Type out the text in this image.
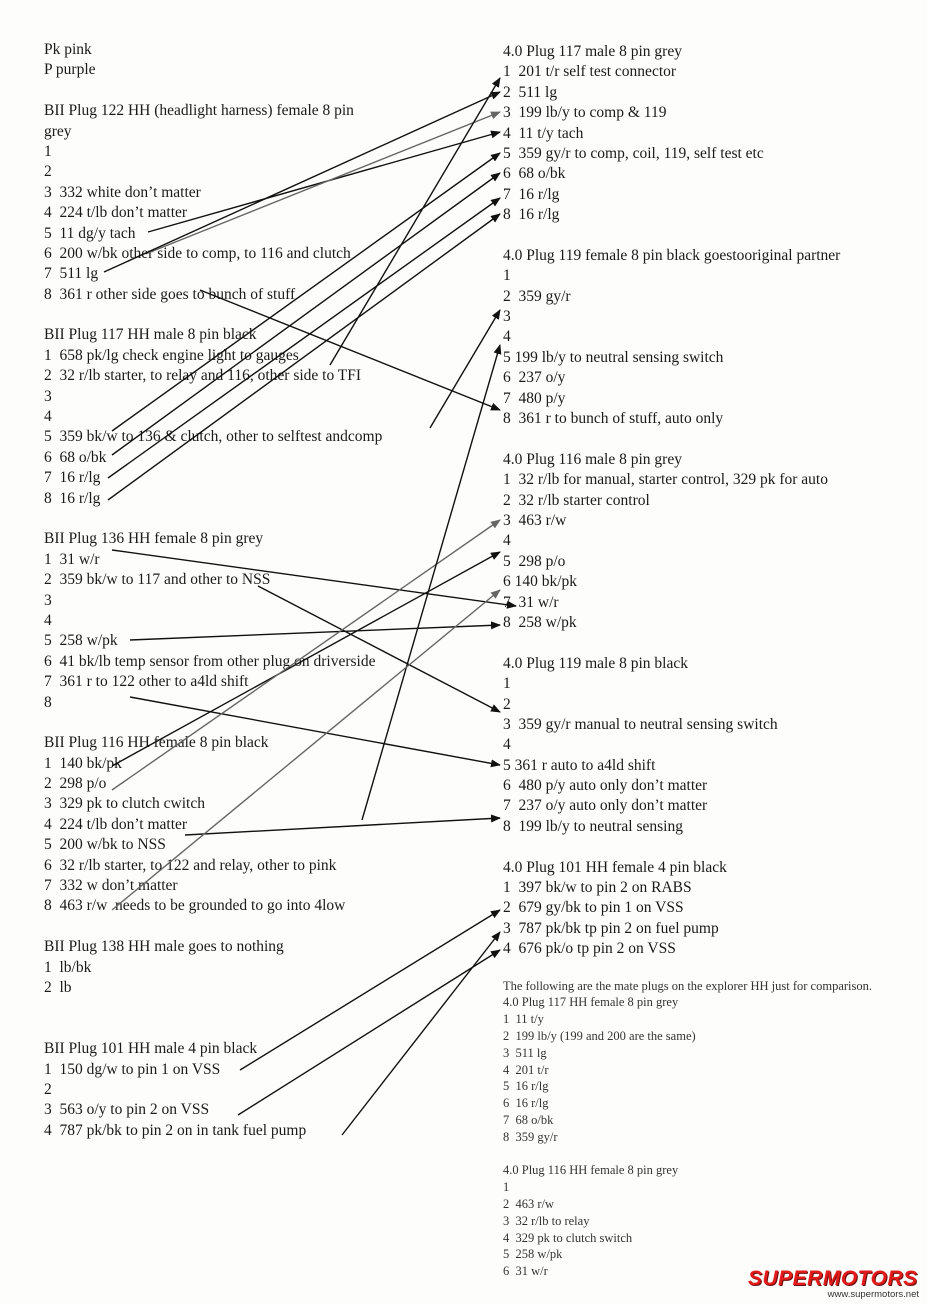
Pk pink
P purple
BII Plug 122 HH (headlight harness) female 8 pin
grey
1
2
3  332 white don’t matter
4  224 t/lb don’t matter
5  11 dg/y tach
6  200 w/bk other side to comp, to 116 and clutch
7  511 lg
8  361 r other side goes to bunch of stuff
BII Plug 117 HH male 8 pin black
1  658 pk/lg check engine light to gauges
2  32 r/lb starter, to relay and 116, other side to TFI
3
4
5  359 bk/w to 136 & clutch, other to selftest andcomp
6  68 o/bk
7  16 r/lg
8  16 r/lg
BII Plug 136 HH female 8 pin grey
1  31 w/r
2  359 bk/w to 117 and other to NSS
3
4
5  258 w/pk
6  41 bk/lb temp sensor from other plug on driverside
7  361 r to 122 other to a4ld shift
8
BII Plug 116 HH female 8 pin black
1  140 bk/pk
2  298 p/o
3  329 pk to clutch cwitch
4  224 t/lb don’t matter
5  200 w/bk to NSS
6  32 r/lb starter, to 122 and relay, other to pink
7  332 w don’t matter
8  463 r/w  needs to be grounded to go into 4low
BII Plug 138 HH male goes to nothing
1  lb/bk
2  lb
BII Plug 101 HH male 4 pin black
1  150 dg/w to pin 1 on VSS
2
3  563 o/y to pin 2 on VSS
4  787 pk/bk to pin 2 on in tank fuel pump
4.0 Plug 117 male 8 pin grey
1  201 t/r self test connector
2  511 lg
3  199 lb/y to comp & 119
4  11 t/y tach
5  359 gy/r to comp, coil, 119, self test etc
6  68 o/bk
7  16 r/lg
8  16 r/lg
4.0 Plug 119 female 8 pin black goestooriginal partner
1
2  359 gy/r
3
4
5 199 lb/y to neutral sensing switch
6  237 o/y
7  480 p/y
8  361 r to bunch of stuff, auto only
4.0 Plug 116 male 8 pin grey
1  32 r/lb for manual, starter control, 329 pk for auto
2  32 r/lb starter control
3  463 r/w
4
5  298 p/o
6 140 bk/pk
7  31 w/r
8  258 w/pk
4.0 Plug 119 male 8 pin black
1
2
3  359 gy/r manual to neutral sensing switch
4
5 361 r auto to a4ld shift
6  480 p/y auto only don’t matter
7  237 o/y auto only don’t matter
8  199 lb/y to neutral sensing
4.0 Plug 101 HH female 4 pin black
1  397 bk/w to pin 2 on RABS
2  679 gy/bk to pin 1 on VSS
3  787 pk/bk tp pin 2 on fuel pump
4  676 pk/o tp pin 2 on VSS
The following are the mate plugs on the explorer HH just for comparison.
4.0 Plug 117 HH female 8 pin grey
1  11 t/y
2  199 lb/y (199 and 200 are the same)
3  511 lg
4  201 t/r
5  16 r/lg
6  16 r/lg
7  68 o/bk
8  359 gy/r
4.0 Plug 116 HH female 8 pin grey
1
2  463 r/w
3  32 r/lb to relay
4  329 pk to clutch switch
5  258 w/pk
6  31 w/r	SUPERMOTORS
www.supermotors.net
